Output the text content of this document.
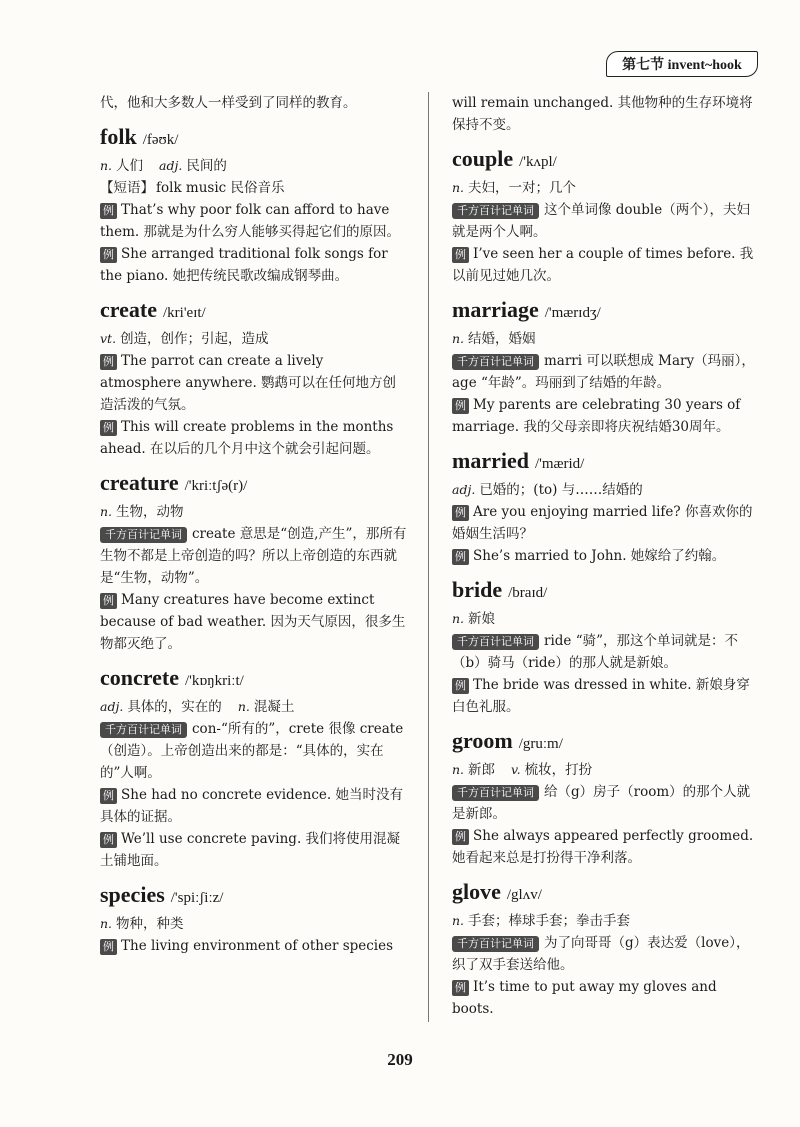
第七节 invent~hook

代，他和大多数人一样受到了同样的教育。

folk /fəʊk/

n. 人们 adj. 民间的

【短语】 folk music 民俗音乐

例 That’s why poor folk can afford to have them. 那就是为什么穷人能够买得起它们的原因。

例 She arranged traditional folk songs for the piano. 她把传统民歌改编成钢琴曲。

create /kri'eɪt/

vt. 创造，创作；引起，造成

例 The parrot can create a lively atmosphere anywhere. 鹦鹉可以在任何地方创造活泼的气氛。

例 This will create problems in the months ahead. 在以后的几个月中这个就会引起问题。

creature /'kriːtʃə(r)/

n. 生物，动物

千方百计记单词 create 意思是“创造,产生”，那所有生物不都是上帝创造的吗？所以上帝创造的东西就是“生物，动物”。

例 Many creatures have become extinct because of bad weather. 因为天气原因，很多生物都灭绝了。

concrete /'kɒŋkriːt/

adj. 具体的，实在的 n. 混凝土

千方百计记单词 con-“所有的”，crete 很像 create（创造）。上帝创造出来的都是：“具体的，实在的”人啊。

例 She had no concrete evidence. 她当时没有具体的证据。

例 We’ll use concrete paving. 我们将使用混凝土铺地面。

species /'spiːʃiːz/

n. 物种，种类

例 The living environment of other species

will remain unchanged. 其他物种的生存环境将保持不变。

couple /'kʌpl/

n. 夫妇，一对；几个

千方百计记单词 这个单词像 double（两个），夫妇就是两个人啊。

例 I’ve seen her a couple of times before. 我以前见过她几次。

marriage /'mærɪdʒ/

n. 结婚，婚姻

千方百计记单词 marri 可以联想成 Mary（玛丽），age “年龄”。玛丽到了结婚的年龄。

例 My parents are celebrating 30 years of marriage. 我的父母亲即将庆祝结婚30周年。

married /'mærid/

adj. 已婚的；(to) 与……结婚的

例 Are you enjoying married life? 你喜欢你的婚姻生活吗？

例 She’s married to John. 她嫁给了约翰。

bride /braɪd/

n. 新娘

千方百计记单词 ride “骑”，那这个单词就是：不（b）骑马（ride）的那人就是新娘。

例 The bride was dressed in white. 新娘身穿白色礼服。

groom /gruːm/

n. 新郎 v. 梳妆，打扮

千方百计记单词 给（g）房子（room）的那个人就是新郎。

例 She always appeared perfectly groomed. 她看起来总是打扮得干净利落。

glove /glʌv/

n. 手套；棒球手套；拳击手套

千方百计记单词 为了向哥哥（g）表达爱（love），织了双手套送给他。

例 It’s time to put away my gloves and boots.

209
